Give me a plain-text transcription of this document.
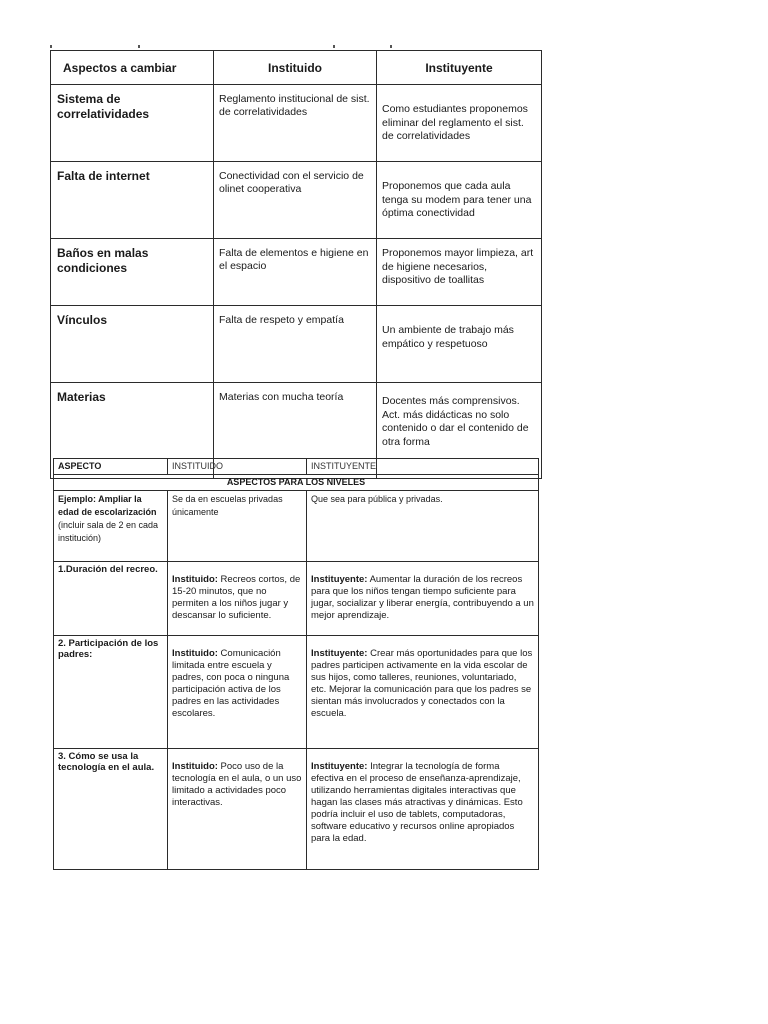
Aspectos a cambiar	Instituido	Instituyente
Sistema de correlatividades	Reglamento institucional de sist. de correlatividades	Como estudiantes proponemos eliminar del reglamento el sist. de correlatividades
Falta de internet	Conectividad con el servicio de olinet cooperativa	Proponemos que cada aula tenga su modem para tener una óptima conectividad
Baños en malas condiciones	Falta de elementos e higiene en el espacio	Proponemos mayor limpieza, art de higiene necesarios, dispositivo de toallitas
Vínculos	Falta de respeto y empatía	Un ambiente de trabajo más empático y respetuoso
Materias	Materias con mucha teoría	Docentes más comprensivos. Act. más didácticas no solo contenido o dar el contenido de otra forma
ASPECTO	INSTITUIDO	INSTITUYENTE
ASPECTOS PARA LOS NIVELES		
Ejemplo: Ampliar la edad de escolarización (incluir sala de 2 en cada institución)	Se da en escuelas privadas únicamente	Que sea para pública y privadas.
1.Duración del recreo.	Instituido: Recreos cortos, de 15-20 minutos, que no permiten a los niños jugar y descansar lo suficiente.	Instituyente: Aumentar la duración de los recreos para que los niños tengan tiempo suficiente para jugar, socializar y liberar energía, contribuyendo a un mejor aprendizaje.
2. Participación de los padres:	Instituido: Comunicación limitada entre escuela y padres, con poca o ninguna participación activa de los padres en las actividades escolares.	Instituyente: Crear más oportunidades para que los padres participen activamente en la vida escolar de sus hijos, como talleres, reuniones, voluntariado, etc. Mejorar la comunicación para que los padres se sientan más involucrados y conectados con la escuela.
3. Cómo se usa la tecnología en el aula.	Instituido: Poco uso de la tecnología en el aula, o un uso limitado a actividades poco interactivas.	Instituyente: Integrar la tecnología de forma efectiva en el proceso de enseñanza-aprendizaje, utilizando herramientas digitales interactivas que hagan las clases más atractivas y dinámicas. Esto podría incluir el uso de tablets, computadoras, software educativo y recursos online apropiados para la edad.
